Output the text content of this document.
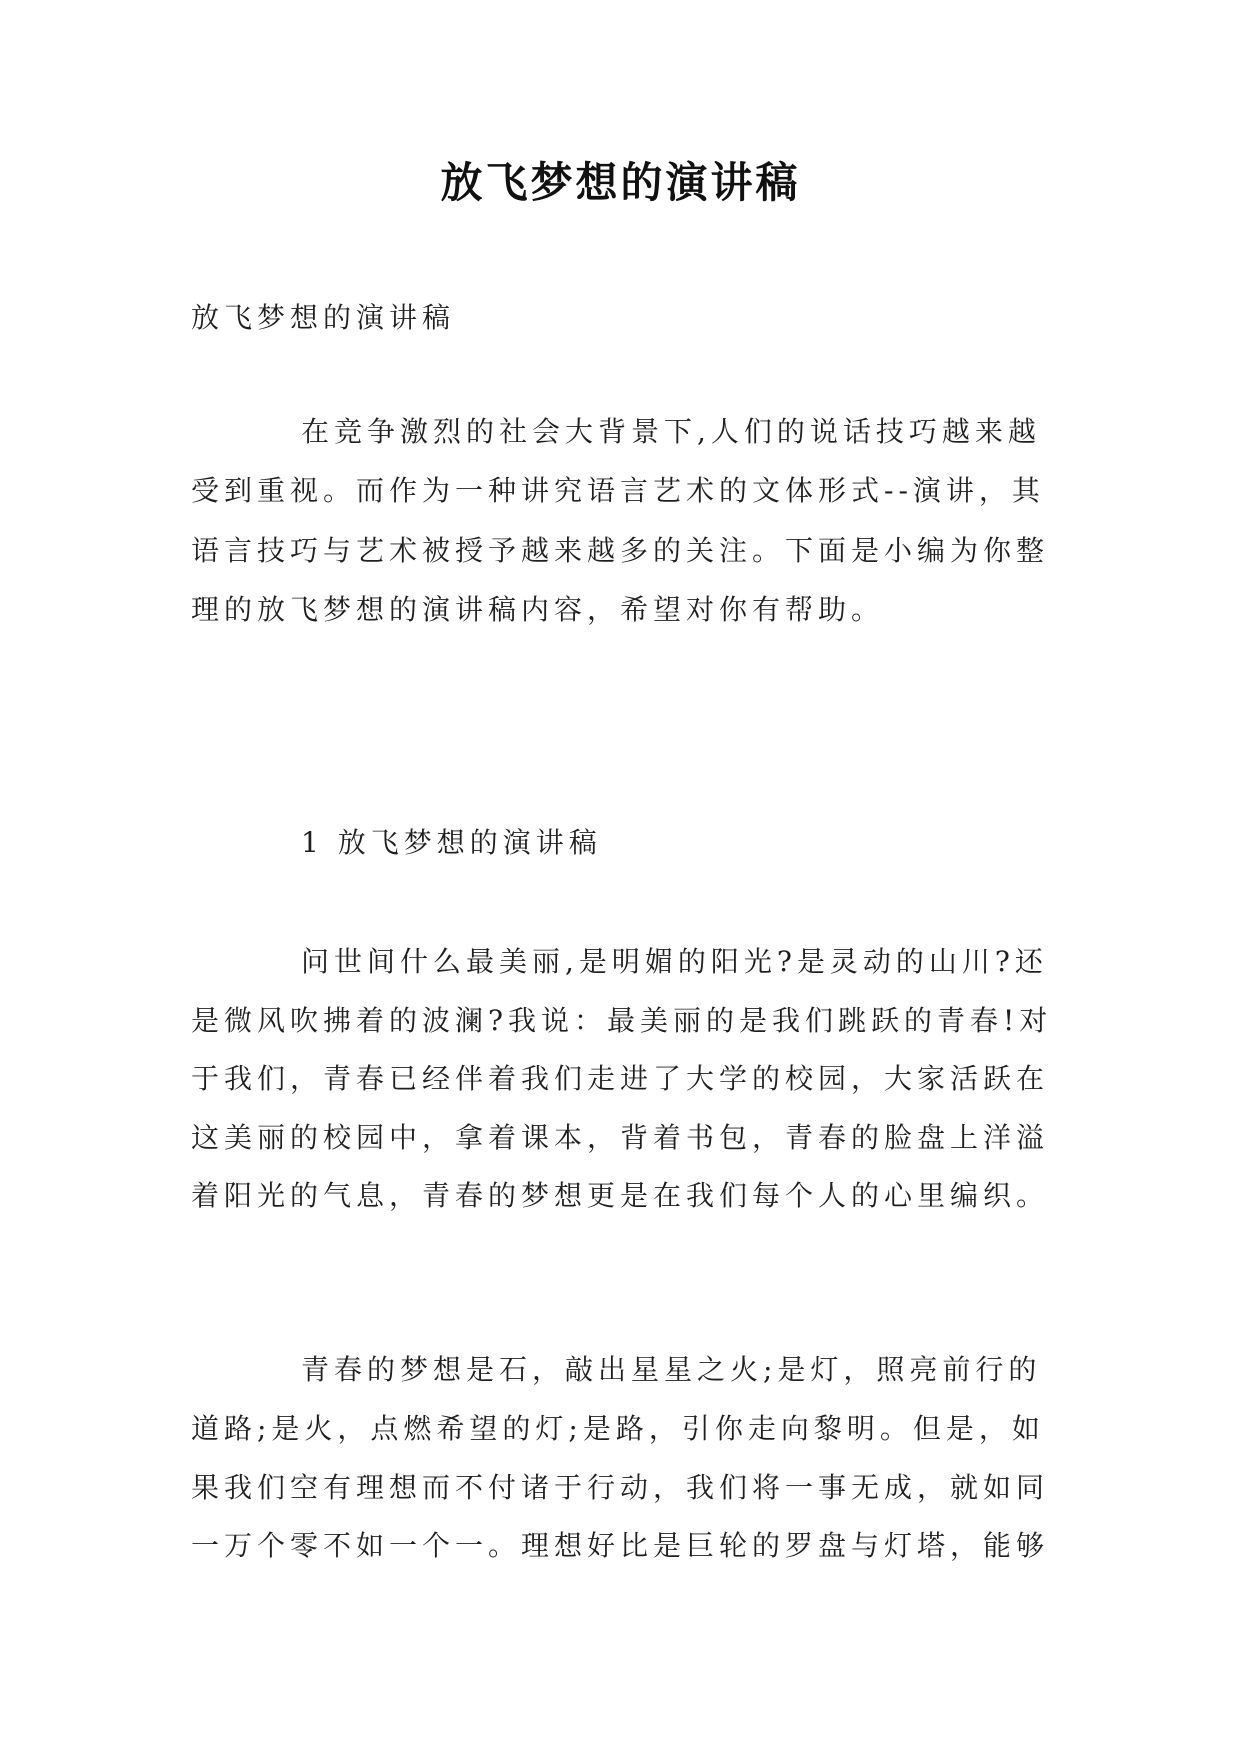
放飞梦想的演讲稿
放飞梦想的演讲稿
在竞争激烈的社会大背景下,人们的说话技巧越来越
受到重视。而作为一种讲究语言艺术的文体形式--演讲，其
语言技巧与艺术被授予越来越多的关注。下面是小编为你整
理的放飞梦想的演讲稿内容，希望对你有帮助。
1 放飞梦想的演讲稿
问世间什么最美丽,是明媚的阳光?是灵动的山川?还
是微风吹拂着的波澜?我说：最美丽的是我们跳跃的青春!对
于我们，青春已经伴着我们走进了大学的校园，大家活跃在
这美丽的校园中，拿着课本，背着书包，青春的脸盘上洋溢
着阳光的气息，青春的梦想更是在我们每个人的心里编织。
青春的梦想是石，敲出星星之火;是灯，照亮前行的
道路;是火，点燃希望的灯;是路，引你走向黎明。但是，如
果我们空有理想而不付诸于行动，我们将一事无成，就如同
一万个零不如一个一。理想好比是巨轮的罗盘与灯塔，能够
